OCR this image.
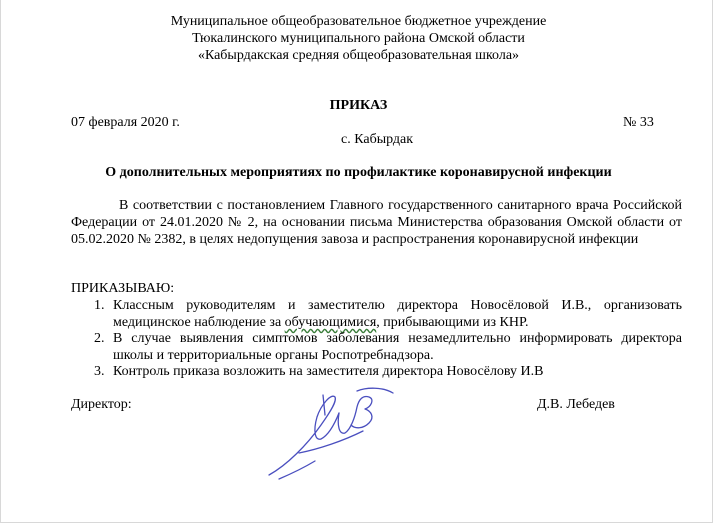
Муниципальное общеобразовательное бюджетное учреждение
Тюкалинского муниципального района Омской области
«Кабырдакская средняя общеобразовательная школа»
ПРИКАЗ
07 февраля 2020 г.	№ 33
с. Кабырдак
О дополнительных мероприятиях по профилактике коронавирусной инфекции
В соответствии с постановлением Главного государственного санитарного врача Российской Федерации от 24.01.2020 № 2, на основании письма Министерства образования Омской области от 05.02.2020 № 2382, в целях недопущения завоза и распространения коронавирусной инфекции
ПРИКАЗЫВАЮ:
1. Классным руководителям и заместителю директора Новосёловой И.В., организовать медицинское наблюдение за обучающимися, прибывающими из КНР.
2. В случае выявления симптомов заболевания незамедлительно информировать директора школы и территориальные органы Роспотребнадзора.
3. Контроль приказа возложить на заместителя директора Новосёлову И.В
Директор:	Д.В. Лебедев
